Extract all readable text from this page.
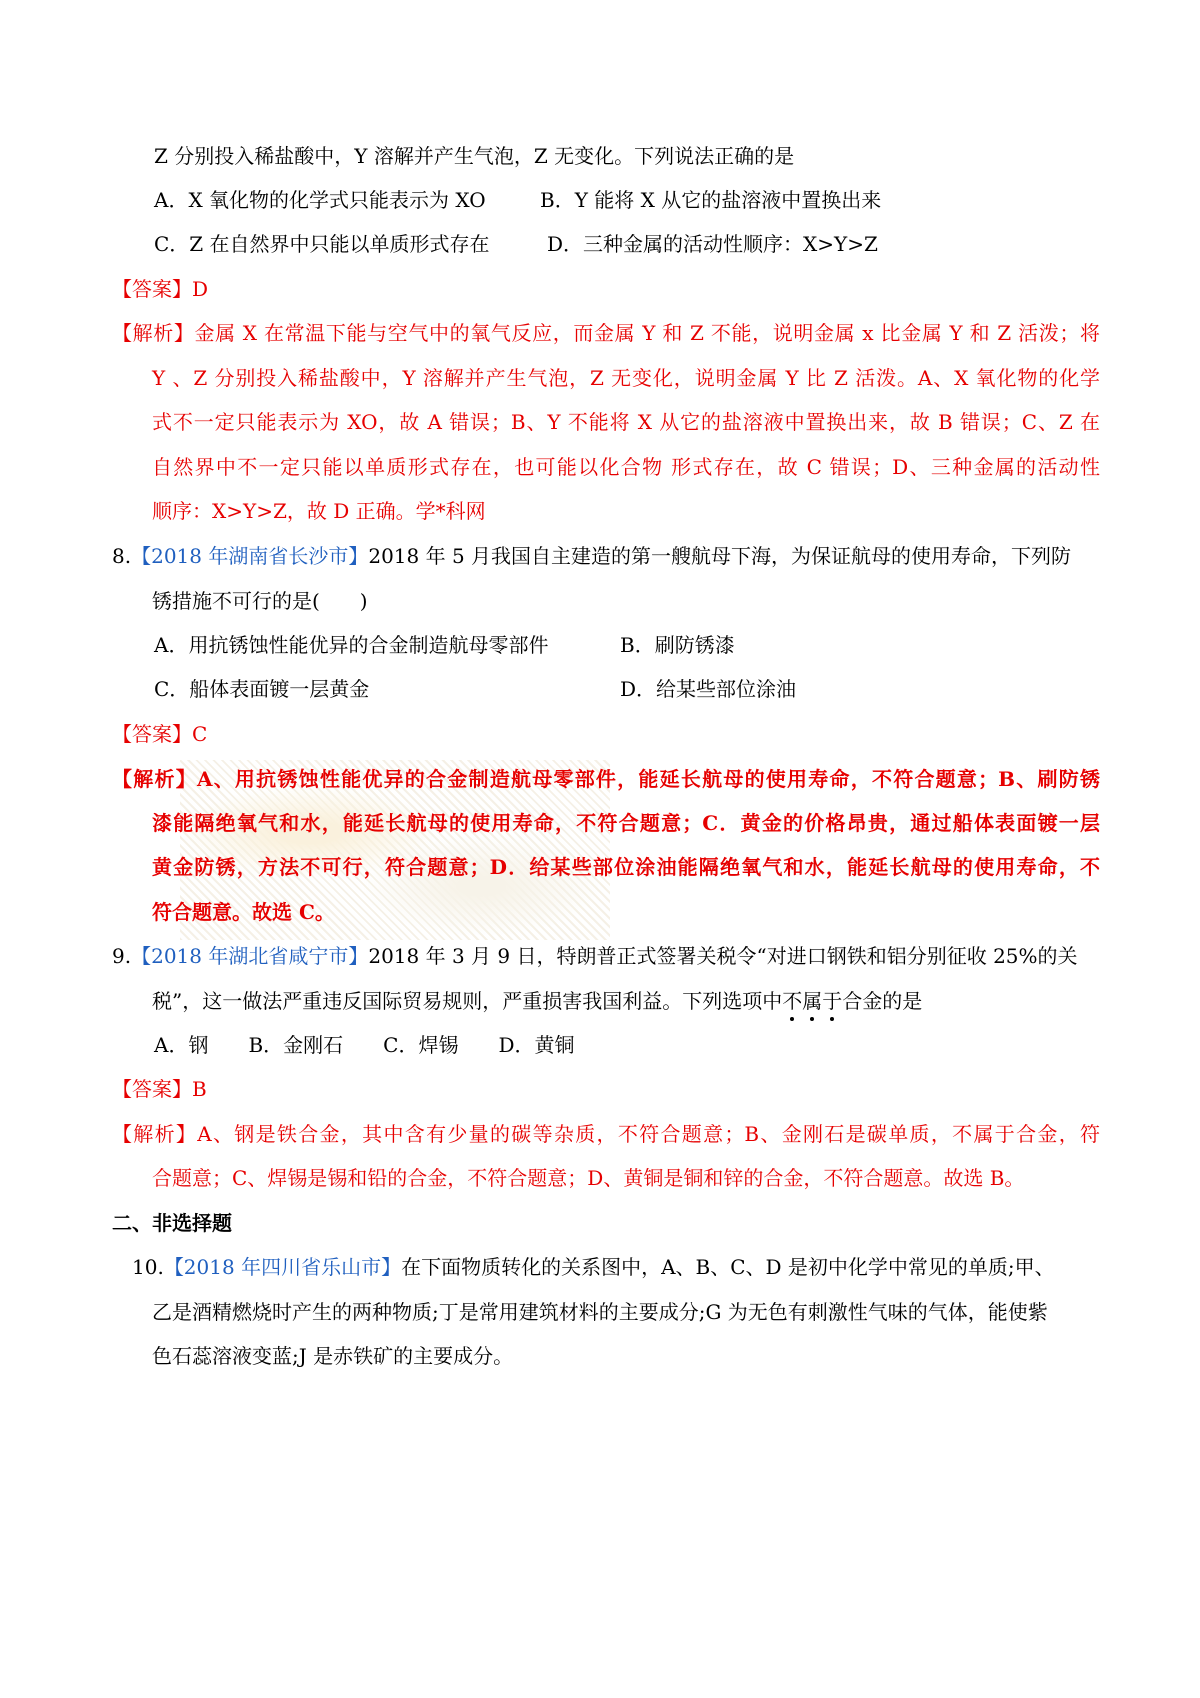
Z 分别投入稀盐酸中，Y 溶解并产生气泡，Z 无变化。下列说法正确的是
A．X 氧化物的化学式只能表示为 XO	B．Y 能将 X 从它的盐溶液中置换出来
C．Z 在自然界中只能以单质形式存在	D．三种金属的活动性顺序：X>Y>Z
【答案】D
【解析】金属 X 在常温下能与空气中的氧气反应，而金属 Y 和 Z 不能，说明金属 x 比金属 Y 和 Z 活泼；将
Y 、Z 分别投入稀盐酸中，Y 溶解并产生气泡，Z 无变化，说明金属 Y 比 Z 活泼。A、X 氧化物的化学
式不一定只能表示为 XO，故 A 错误；B、Y 不能将 X 从它的盐溶液中置换出来，故 B 错误；C、Z 在
自然界中不一定只能以单质形式存在，也可能以化合物 形式存在，故 C 错误；D、三种金属的活动性
顺序：X>Y>Z，故 D 正确。学*科网
8.【2018 年湖南省长沙市】2018 年 5 月我国自主建造的第一艘航母下海，为保证航母的使用寿命，下列防
锈措施不可行的是(　　)
A．用抗锈蚀性能优异的合金制造航母零部件	B．刷防锈漆
C．船体表面镀一层黄金	D．给某些部位涂油
【答案】C
【解析】A、用抗锈蚀性能优异的合金制造航母零部件，能延长航母的使用寿命，不符合题意；B、刷防锈
漆能隔绝氧气和水，能延长航母的使用寿命，不符合题意；C．黄金的价格昂贵，通过船体表面镀一层
黄金防锈，方法不可行，符合题意；D．给某些部位涂油能隔绝氧气和水，能延长航母的使用寿命，不
符合题意。故选 C。
9.【2018 年湖北省咸宁市】2018 年 3 月 9 日，特朗普正式签署关税令“对进口钢铁和铝分别征收 25%的关
税”，这一做法严重违反国际贸易规则，严重损害我国利益。下列选项中不
属
于
合金的是
A．钢　　B．金刚石　　C．焊锡　　D．黄铜
【答案】B
【解析】A、钢是铁合金，其中含有少量的碳等杂质，不符合题意；B、金刚石是碳单质，不属于合金，符
合题意；C、焊锡是锡和铅的合金，不符合题意；D、黄铜是铜和锌的合金，不符合题意。故选 B。
二、非选择题
10.【2018 年四川省乐山市】在下面物质转化的关系图中，A、B、C、D 是初中化学中常见的单质;甲、
乙是酒精燃烧时产生的两种物质;丁是常用建筑材料的主要成分;G 为无色有刺激性气味的气体，能使紫
色石蕊溶液变蓝;J 是赤铁矿的主要成分。
